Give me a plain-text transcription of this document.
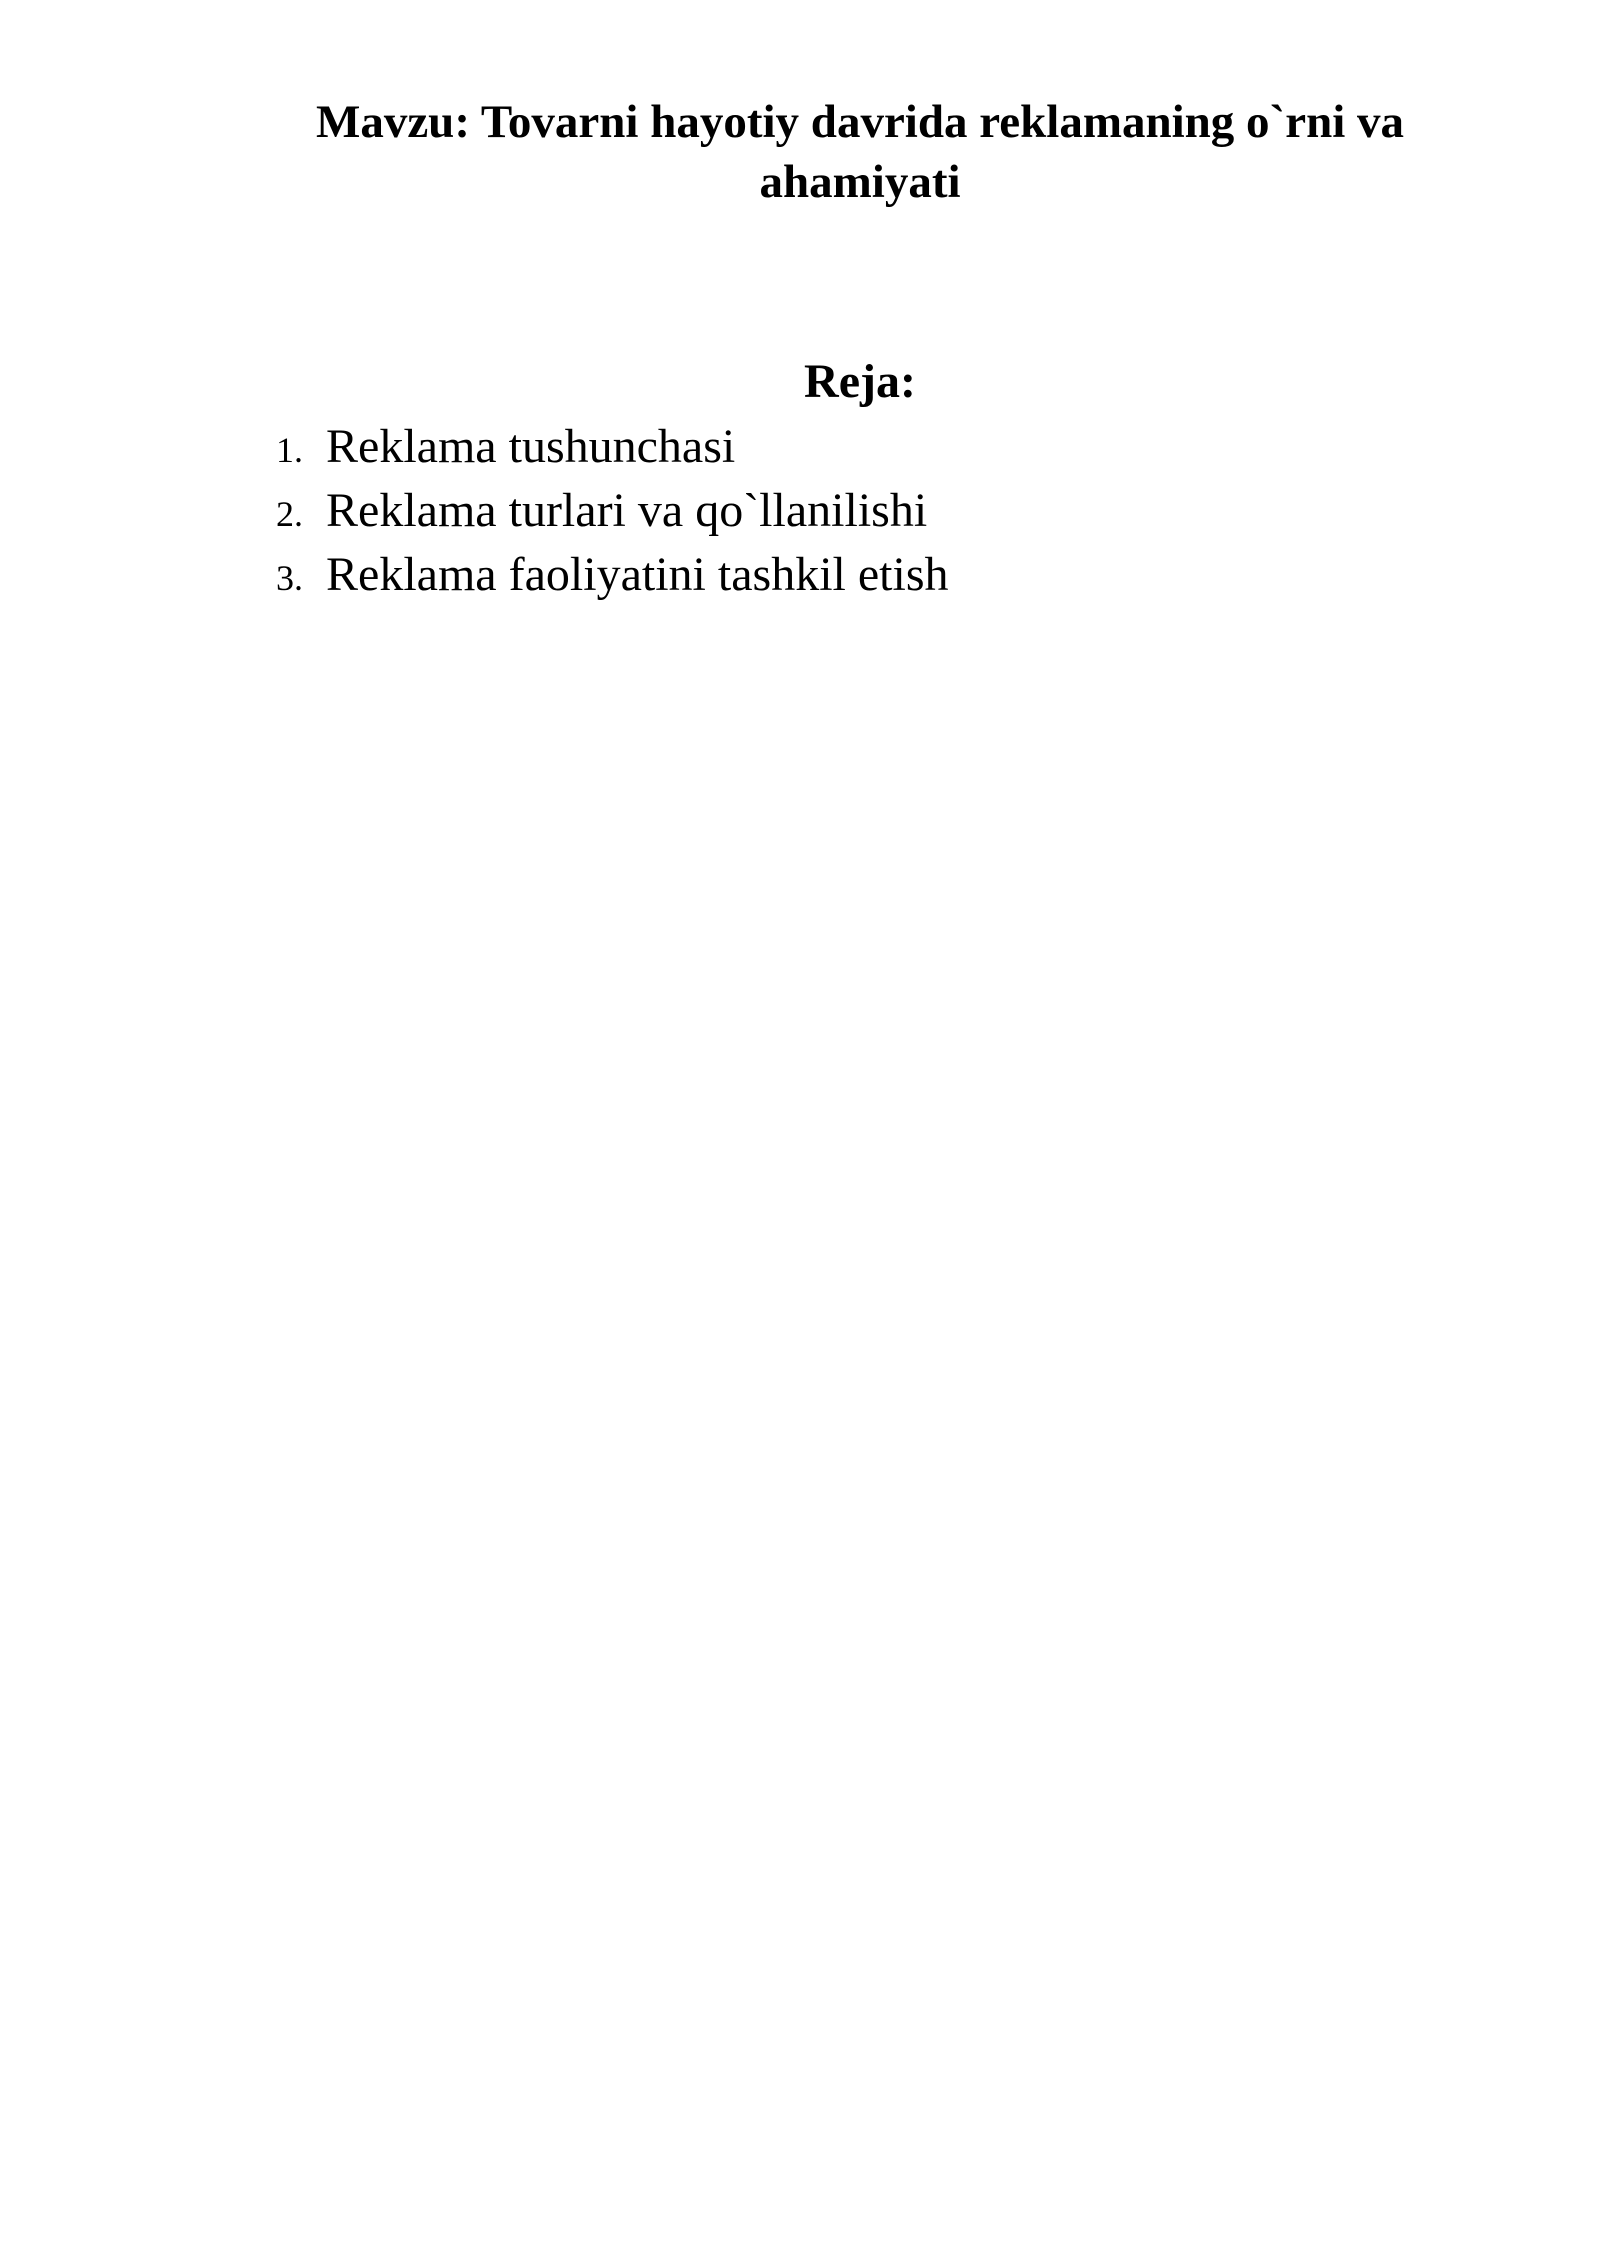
Mavzu: Tovarni hayotiy davrida reklamaning o`rni va ahamiyati
Reja:
1. Reklama tushunchasi
2. Reklama turlari va qo`llanilishi
3. Reklama faoliyatini tashkil etish
